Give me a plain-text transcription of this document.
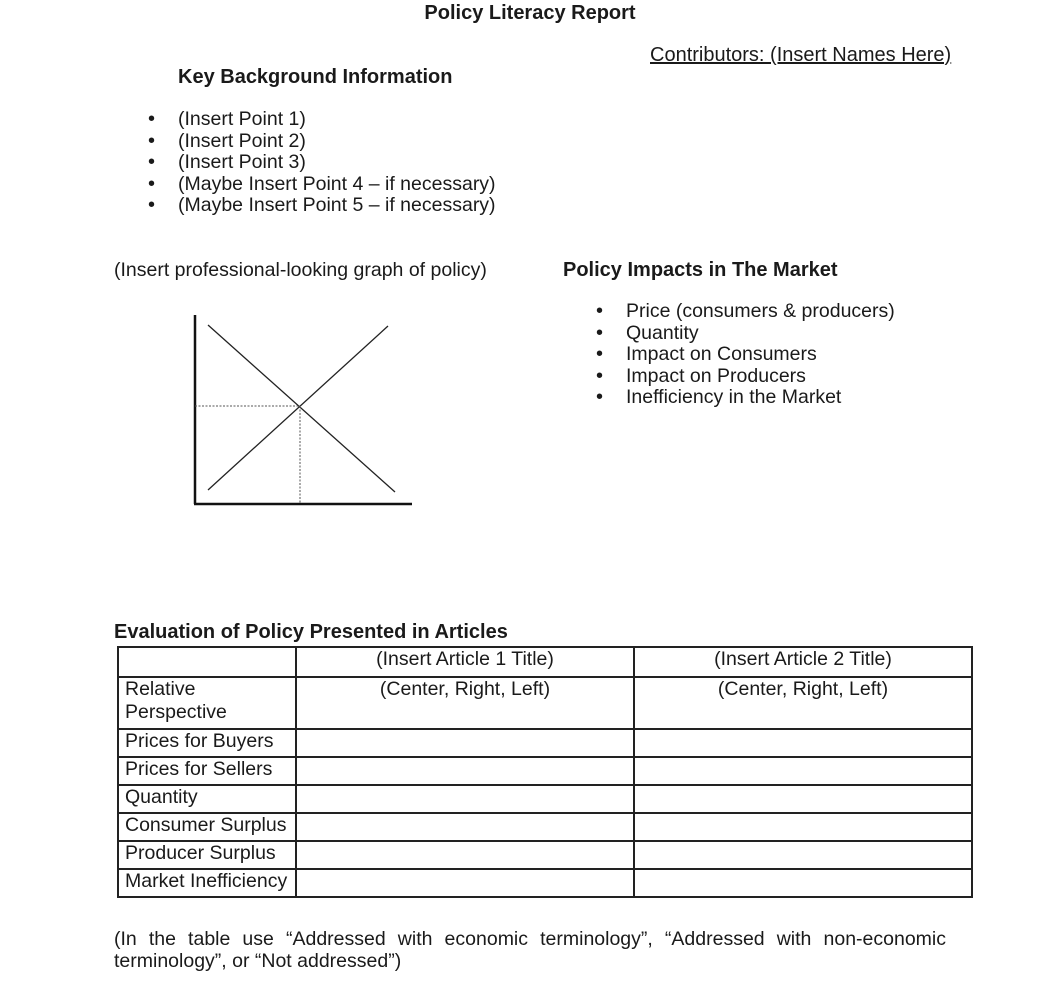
Policy Literacy Report
Contributors: (Insert Names Here)
Key Background Information
• (Insert Point 1)
• (Insert Point 2)
• (Insert Point 3)
• (Maybe Insert Point 4 – if necessary)
• (Maybe Insert Point 5 – if necessary)
(Insert professional-looking graph of policy)	Policy Impacts in The Market
• Price (consumers & producers)
• Quantity
• Impact on Consumers
• Impact on Producers
• Inefficiency in the Market
Evaluation of Policy Presented in Articles
	(Insert Article 1 Title)	(Insert Article 2 Title)
Relative Perspective	(Center, Right, Left)	(Center, Right, Left)
Prices for Buyers		
Prices for Sellers		
Quantity		
Consumer Surplus		
Producer Surplus		
Market Inefficiency		
(In the table use “Addressed with economic terminology”, “Addressed with non-economic terminology”, or “Not addressed”)
